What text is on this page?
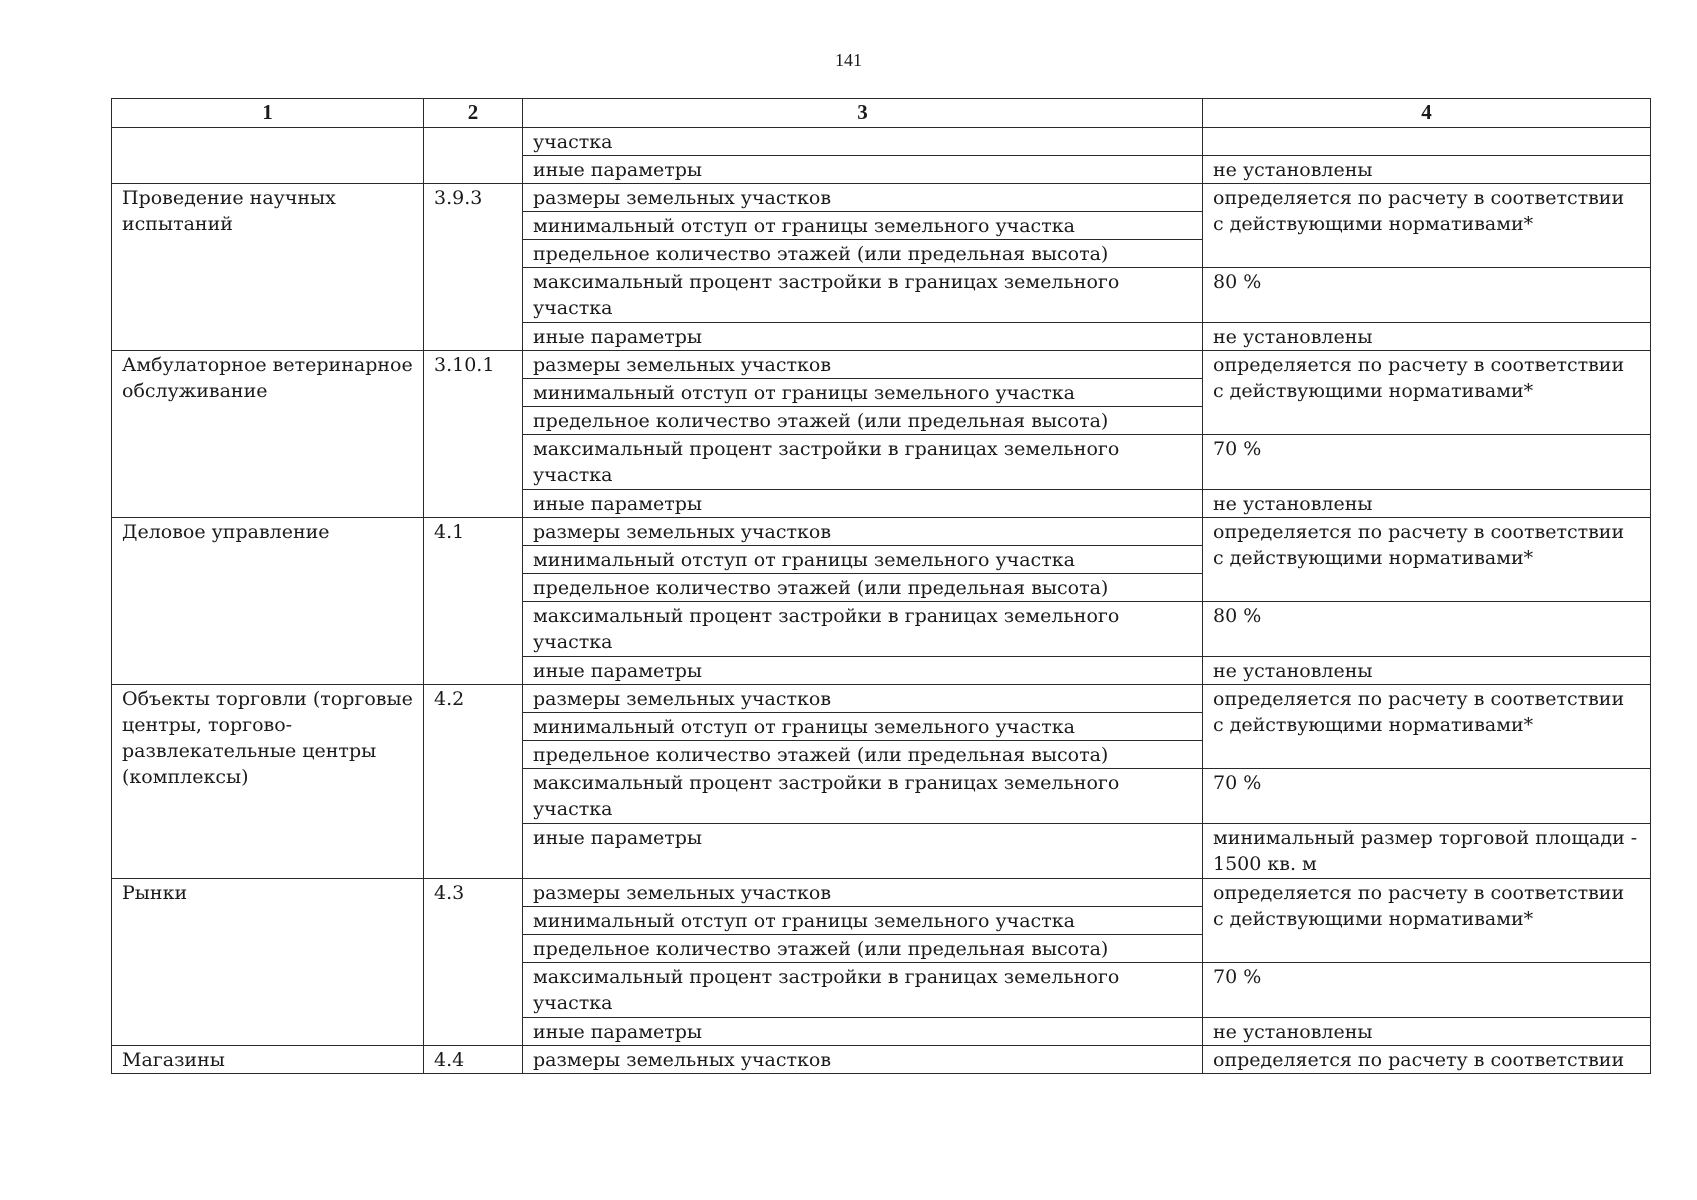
141
1	2	3	4
		участка	
		иные параметры	не установлены
Проведение научных испытаний	3.9.3	размеры земельных участков	определяется по расчету в соответствии с действующими нормативами*
		минимальный отступ от границы земельного участка	
		предельное количество этажей (или предельная высота)	
		максимальный процент застройки в границах земельного участка	80 %
		иные параметры	не установлены
Амбулаторное ветеринарное обслуживание	3.10.1	размеры земельных участков	определяется по расчету в соответствии с действующими нормативами*
		минимальный отступ от границы земельного участка	
		предельное количество этажей (или предельная высота)	
		максимальный процент застройки в границах земельного участка	70 %
		иные параметры	не установлены
Деловое управление	4.1	размеры земельных участков	определяется по расчету в соответствии с действующими нормативами*
		минимальный отступ от границы земельного участка	
		предельное количество этажей (или предельная высота)	
		максимальный процент застройки в границах земельного участка	80 %
		иные параметры	не установлены
Объекты торговли (торговые центры, торгово-развлекательные центры (комплексы)	4.2	размеры земельных участков	определяется по расчету в соответствии с действующими нормативами*
		минимальный отступ от границы земельного участка	
		предельное количество этажей (или предельная высота)	
		максимальный процент застройки в границах земельного участка	70 %
		иные параметры	минимальный размер торговой площади - 1500 кв. м
Рынки	4.3	размеры земельных участков	определяется по расчету в соответствии с действующими нормативами*
		минимальный отступ от границы земельного участка	
		предельное количество этажей (или предельная высота)	
		максимальный процент застройки в границах земельного участка	70 %
		иные параметры	не установлены
Магазины	4.4	размеры земельных участков	определяется по расчету в соответствии
